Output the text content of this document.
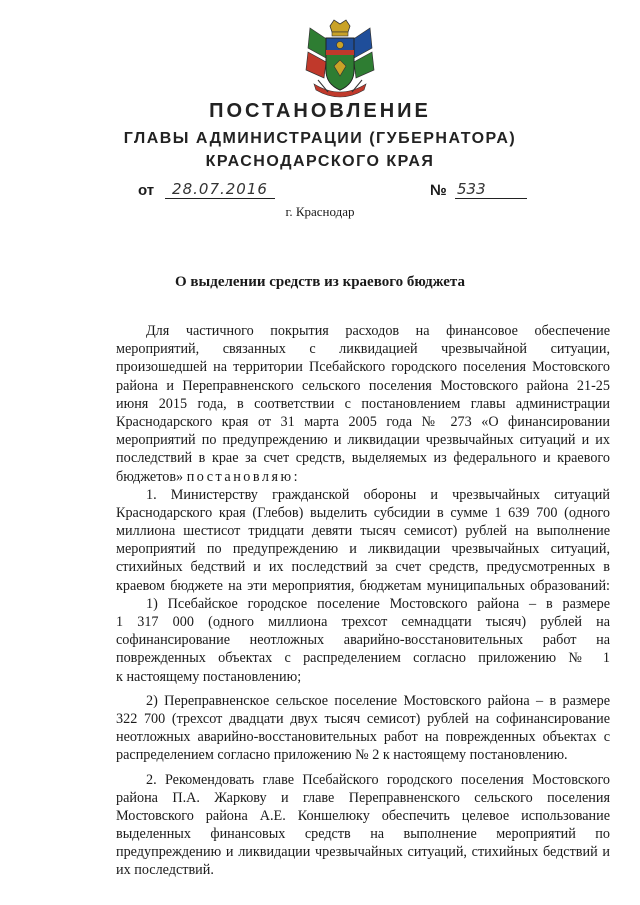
ПОСТАНОВЛЕНИЕ
ГЛАВЫ АДМИНИСТРАЦИИ (ГУБЕРНАТОРА)
КРАСНОДАРСКОГО КРАЯ
от	28.07.2016	№ 533
г. Краснодар
О выделении средств из краевого бюджета
Для частичного покрытия расходов на финансовое обеспечение
мероприятий, связанных с ликвидацией чрезвычайной ситуации,
произошедшей на территории Псебайского городского поселения Мостовского
района и Переправненского сельского поселения Мостовского района 21-25
июня 2015 года, в соответствии с постановлением главы администрации
Краснодарского края от 31 марта 2005 года № 273 «О финансировании
мероприятий по предупреждению и ликвидации чрезвычайных ситуаций и их
последствий в крае за счет средств, выделяемых из федерального и краевого
бюджетов» постановляю:
1. Министерству гражданской обороны и чрезвычайных ситуаций
Краснодарского края (Глебов) выделить субсидии в сумме 1 639 700 (одного
миллиона шестисот тридцати девяти тысяч семисот) рублей на выполнение
мероприятий по предупреждению и ликвидации чрезвычайных ситуаций,
стихийных бедствий и их последствий за счет средств, предусмотренных в
краевом бюджете на эти мероприятия, бюджетам муниципальных образований:
1) Псебайское городское поселение Мостовского района – в размере
1 317 000 (одного миллиона трехсот семнадцати тысяч) рублей на
софинансирование неотложных аварийно-восстановительных работ на
поврежденных объектах с распределением согласно приложению № 1
к настоящему постановлению;
2) Переправненское сельское поселение Мостовского района – в размере
322 700 (трехсот двадцати двух тысяч семисот) рублей на софинансирование
неотложных аварийно-восстановительных работ на поврежденных объектах с
распределением согласно приложению № 2 к настоящему постановлению.
2. Рекомендовать главе Псебайского городского поселения Мостовского
района П.А. Жаркову и главе Переправненского сельского поселения
Мостовского района А.Е. Коншелюку обеспечить целевое использование
выделенных финансовых средств на выполнение мероприятий по
предупреждению и ликвидации чрезвычайных ситуаций, стихийных бедствий и
их последствий.
